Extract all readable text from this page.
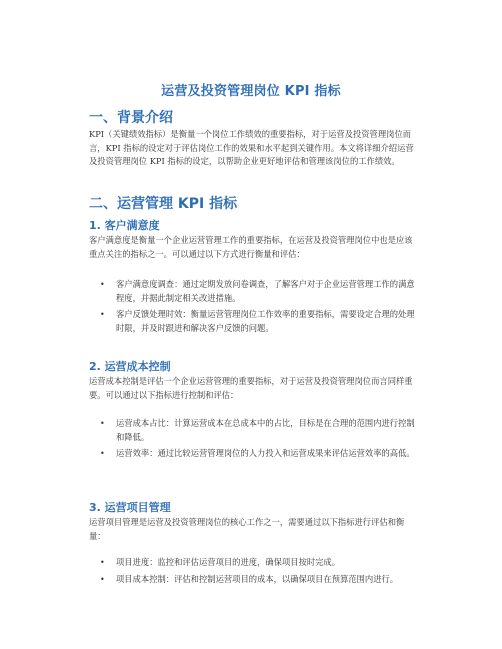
运营及投资管理岗位 KPI 指标
一、背景介绍
KPI（关键绩效指标）是衡量一个岗位工作绩效的重要指标，对于运营及投资管理岗位而言，KPI 指标的设定对于评估岗位工作的效果和水平起到关键作用。本文将详细介绍运营及投资管理岗位 KPI 指标的设定，以帮助企业更好地评估和管理该岗位的工作绩效。
二、运营管理 KPI 指标
1. 客户满意度
客户满意度是衡量一个企业运营管理工作的重要指标，在运营及投资管理岗位中也是应该重点关注的指标之一。可以通过以下方式进行衡量和评估：
•	客户满意度调查：通过定期发放问卷调查，了解客户对于企业运营管理工作的满意程度，并据此制定相关改进措施。
•	客户反馈处理时效：衡量运营管理岗位工作效率的重要指标，需要设定合理的处理时限，并及时跟进和解决客户反馈的问题。
2. 运营成本控制
运营成本控制是评估一个企业运营管理的重要指标，对于运营及投资管理岗位而言同样重要。可以通过以下指标进行控制和评估：
•	运营成本占比：计算运营成本在总成本中的占比，目标是在合理的范围内进行控制和降低。
•	运营效率：通过比较运营管理岗位的人力投入和运营成果来评估运营效率的高低。
3. 运营项目管理
运营项目管理是运营及投资管理岗位的核心工作之一，需要通过以下指标进行评估和衡量：
•	项目进度：监控和评估运营项目的进度，确保项目按时完成。
•	项目成本控制：评估和控制运营项目的成本，以确保项目在预算范围内进行。
